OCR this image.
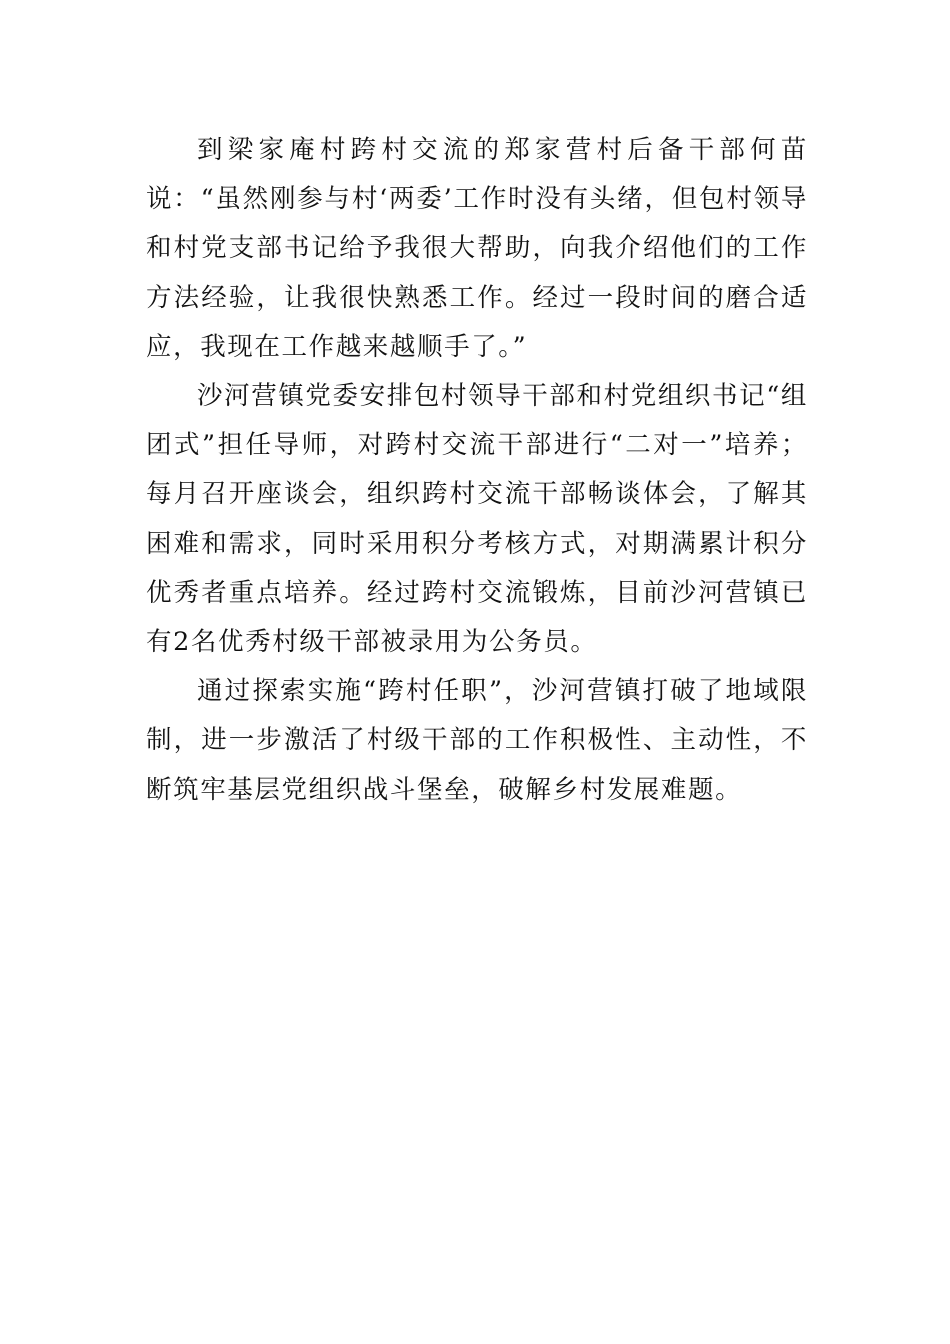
到梁家庵村跨村交流的郑家营村后备干部何苗说：“虽然刚参与村‘两委’工作时没有头绪，但包村领导和村党支部书记给予我很大帮助，向我介绍他们的工作方法经验，让我很快熟悉工作。经过一段时间的磨合适应，我现在工作越来越顺手了。”

沙河营镇党委安排包村领导干部和村党组织书记“组团式”担任导师，对跨村交流干部进行“二对一”培养；每月召开座谈会，组织跨村交流干部畅谈体会，了解其困难和需求，同时采用积分考核方式，对期满累计积分优秀者重点培养。经过跨村交流锻炼，目前沙河营镇已有2名优秀村级干部被录用为公务员。

通过探索实施“跨村任职”，沙河营镇打破了地域限制，进一步激活了村级干部的工作积极性、主动性，不断筑牢基层党组织战斗堡垒，破解乡村发展难题。
